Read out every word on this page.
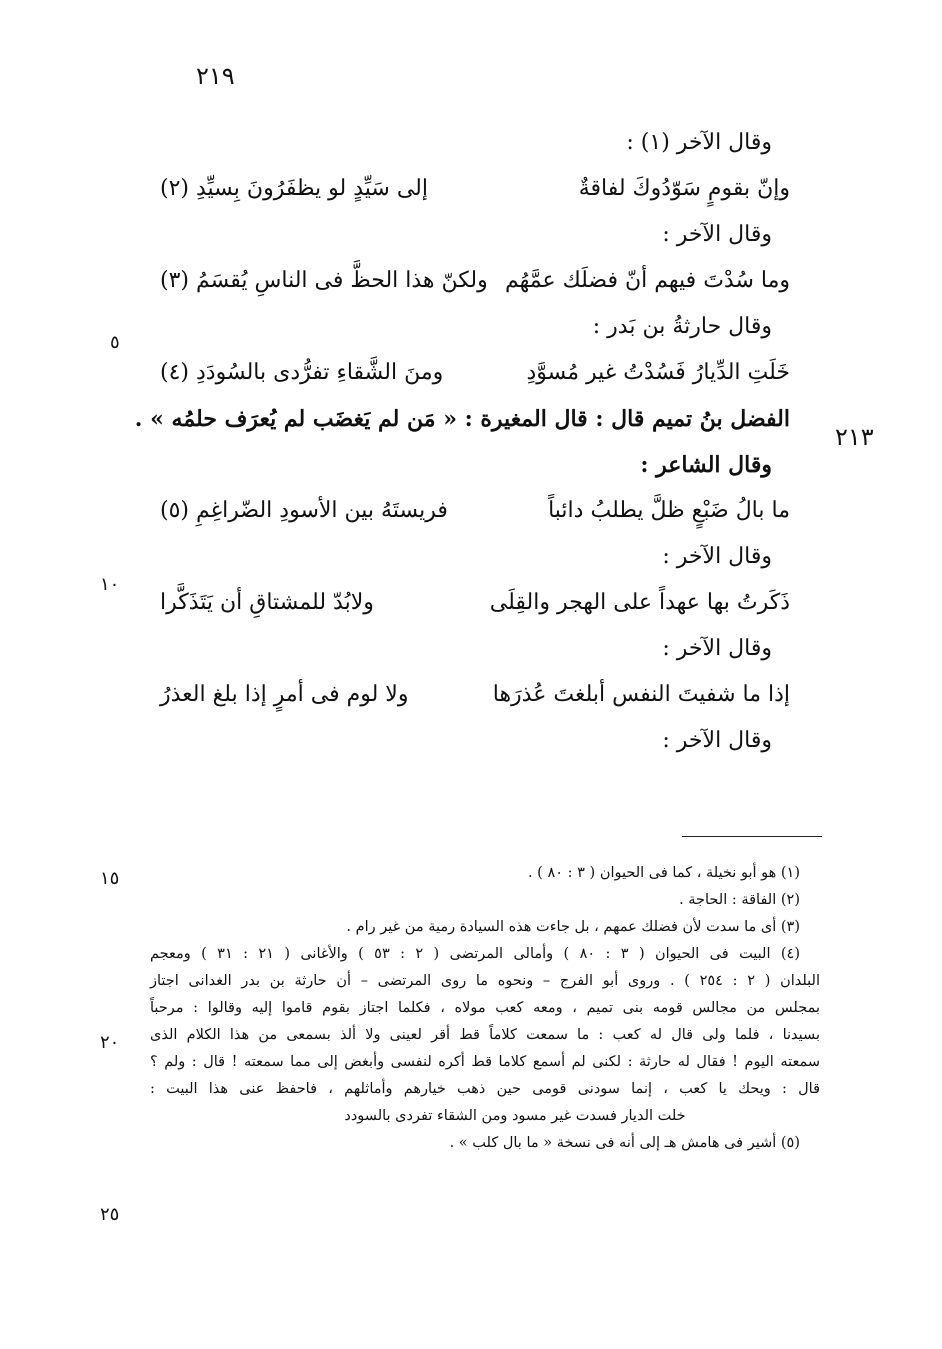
٢١٩
٢١٣
٥
١٠
١٥
٢٠
٢٥
وقال الآخر (١) :
وإنّ بقومٍ سَوّدُوكَ لفاقةٌ
إلى سَيِّدٍ لو يظفَرُونَ بِسيِّدِ (٢)
وقال الآخر :
وما سُدْتَ فيهم أنّ فضلَك عمَّهُم
ولكنّ هذا الحظَّ فى الناسِ يُقسَمُ (٣)
وقال حارثةُ بن بَدر :
خَلَتِ الدِّيارُ فَسُدْتُ غير مُسوَّدِ
ومنَ الشَّقاءِ تفرُّدى بالسُودَدِ (٤)
الفضل بنُ تميم قال : قال المغيرة : « مَن لم يَغضَب لم يُعرَف حلمُه » .
وقال الشاعر :
ما بالُ ضَبْعٍ ظلَّ يطلبُ دائباً
فريستَهُ بين الأسودِ الضّراغِمِ (٥)
وقال الآخر :
ذَكَرتُ بها عهداً على الهجر والقِلَى
ولابُدّ للمشتاقِ أن يَتَذَكَّرا
وقال الآخر :
إذا ما شفيتَ النفس أبلغتَ عُذرَها
ولا لوم فى أمرٍ إذا بلغ العذرُ
وقال الآخر :
(١) هو أبو نخيلة ، كما فى الحيوان ( ٣ : ٨٠ ) .
(٢) الفاقة : الحاجة .
(٣) أى ما سدت لأن فضلك عمهم ، بل جاءت هذه السيادة رمية من غير رام .
(٤) البيت فى الحيوان ( ٣ : ٨٠ ) وأمالى المرتضى ( ٢ : ٥٣ ) والأغانى ( ٢١ : ٣١ ) ومعجم
البلدان ( ٢ : ٢٥٤ ) . وروى أبو الفرج – ونحوه ما روى المرتضى – أن حارثة بن بدر الغدانى اجتاز
بمجلس من مجالس قومه بنى تميم ، ومعه كعب مولاه ، فكلما اجتاز بقوم قاموا إليه وقالوا : مرحباً
بسيدنا ، فلما ولى قال له كعب : ما سمعت كلاماً قط أقر لعينى ولا ألذ بسمعى من هذا الكلام الذى
سمعته اليوم ! فقال له حارثة : لكنى لم أسمع كلاما قط أكره لنفسى وأبغض إلى مما سمعته ! قال : ولم ؟
قال : ويحك يا كعب ، إنما سودنى قومى حين ذهب خيارهم وأماثلهم ، فاحفظ عنى هذا البيت :
خلت الديار فسدت غير مسود ومن الشقاء تفردى بالسودد
(٥) أشير فى هامش هـ إلى أنه فى نسخة « ما بال كلب » .
